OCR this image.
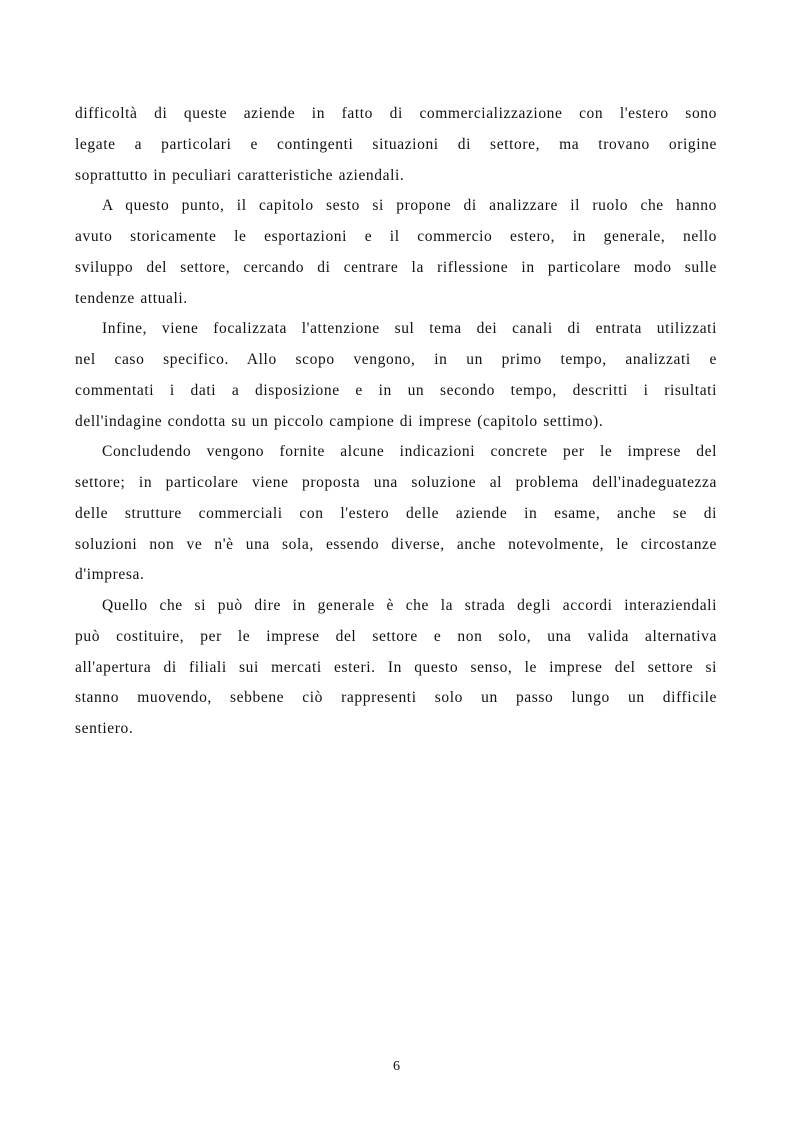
difficoltà di queste aziende in fatto di commercializzazione con l'estero sono
legate a particolari e contingenti situazioni di settore, ma trovano origine
soprattutto in peculiari caratteristiche aziendali.
A questo punto, il capitolo sesto si propone di analizzare il ruolo che hanno
avuto storicamente le esportazioni e il commercio estero, in generale, nello
sviluppo del settore, cercando di centrare la riflessione in particolare modo sulle
tendenze attuali.
Infine, viene focalizzata l'attenzione sul tema dei canali di entrata utilizzati
nel caso specifico. Allo scopo vengono, in un primo tempo, analizzati e
commentati i dati a disposizione e in un secondo tempo, descritti i risultati
dell'indagine condotta su un piccolo campione di imprese (capitolo settimo).
Concludendo vengono fornite alcune indicazioni concrete per le imprese del
settore; in particolare viene proposta una soluzione al problema dell'inadeguatezza
delle strutture commerciali con l'estero delle aziende in esame, anche se di
soluzioni non ve n'è una sola, essendo diverse, anche notevolmente, le circostanze
d'impresa.
Quello che si può dire in generale è che la strada degli accordi interaziendali
può costituire, per le imprese del settore e non solo, una valida alternativa
all'apertura di filiali sui mercati esteri. In questo senso, le imprese del settore si
stanno muovendo, sebbene ciò rappresenti solo un passo lungo un difficile
sentiero.
6
